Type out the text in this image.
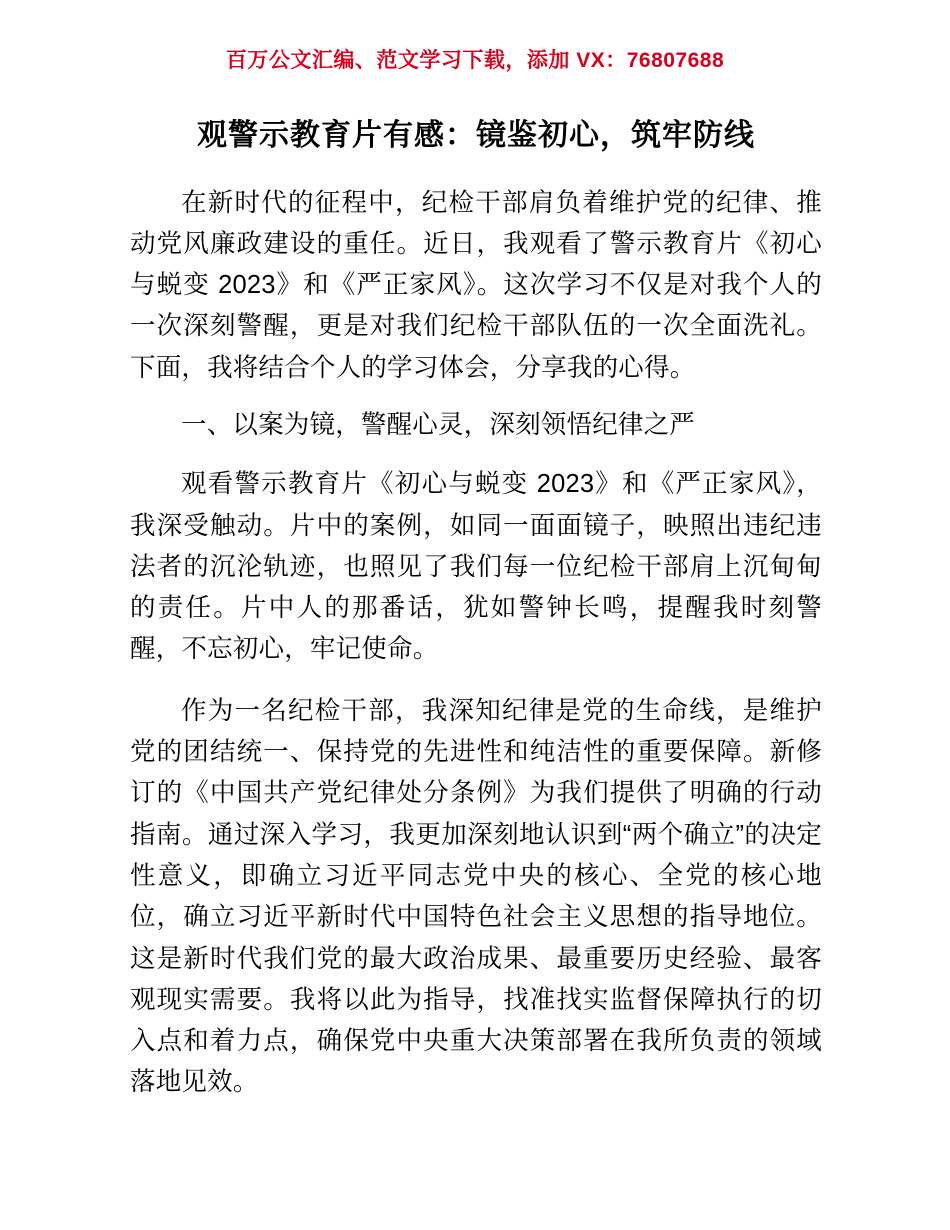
百万公文汇编、范文学习下载，添加 VX：76807688
观警示教育片有感：镜鉴初心，筑牢防线

在新时代的征程中，纪检干部肩负着维护党的纪律、推动党风廉政建设的重任。近日，我观看了警示教育片《初心与蜕变 2023》和《严正家风》。这次学习不仅是对我个人的一次深刻警醒，更是对我们纪检干部队伍的一次全面洗礼。下面，我将结合个人的学习体会，分享我的心得。

一、以案为镜，警醒心灵，深刻领悟纪律之严

观看警示教育片《初心与蜕变 2023》和《严正家风》，我深受触动。片中的案例，如同一面面镜子，映照出违纪违法者的沉沦轨迹，也照见了我们每一位纪检干部肩上沉甸甸的责任。片中人的那番话，犹如警钟长鸣，提醒我时刻警醒，不忘初心，牢记使命。

作为一名纪检干部，我深知纪律是党的生命线，是维护党的团结统一、保持党的先进性和纯洁性的重要保障。新修订的《中国共产党纪律处分条例》为我们提供了明确的行动指南。通过深入学习，我更加深刻地认识到“两个确立”的决定性意义，即确立习近平同志党中央的核心、全党的核心地位，确立习近平新时代中国特色社会主义思想的指导地位。这是新时代我们党的最大政治成果、最重要历史经验、最客观现实需要。我将以此为指导，找准找实监督保障执行的切入点和着力点，确保党中央重大决策部署在我所负责的领域落地见效。
